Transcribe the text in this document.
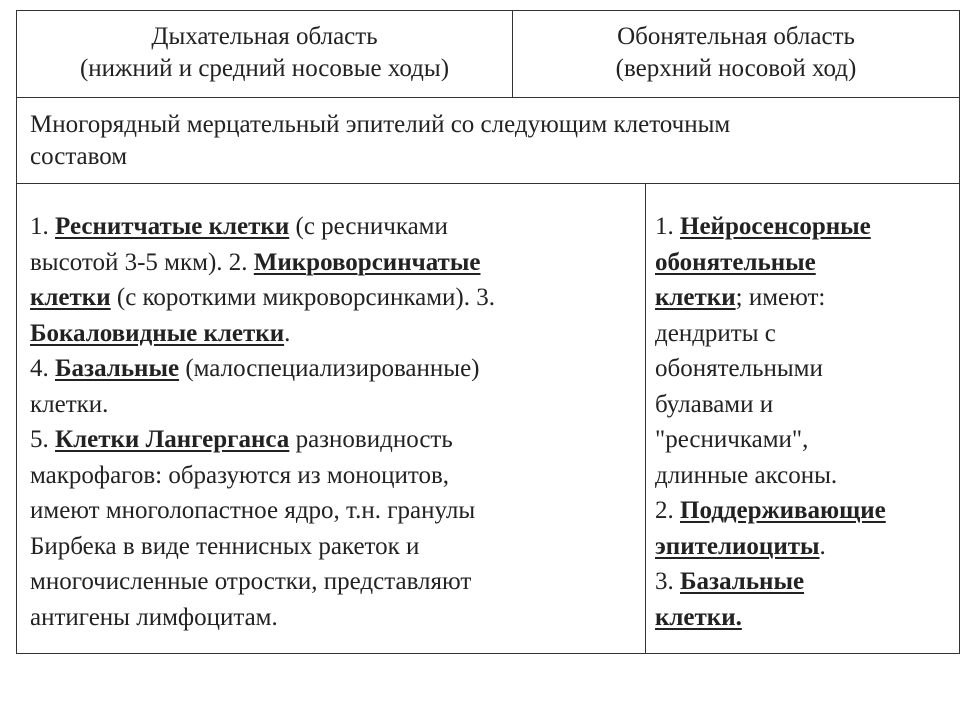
Дыхательная область
(нижний и средний носовые ходы)
Обонятельная область
(верхний носовой ход)
Многорядный мерцательный эпителий со следующим клеточным
составом
1. Реснитчатые клетки (с ресничками
высотой 3-5 мкм). 2. Микроворсинчатые
клетки (с короткими микроворсинками). 3.
Бокаловидные клетки.
4. Базальные (малоспециализированные)
клетки.
5. Клетки Лангерганса разновидность
макрофагов: образуются из моноцитов,
имеют многолопастное ядро, т.н. гранулы
Бирбека в виде теннисных ракеток и
многочисленные отростки, представляют
антигены лимфоцитам.
1. Нейросенсорные
обонятельные
клетки; имеют:
дендриты с
обонятельными
булавами и
"ресничками",
длинные аксоны.
2. Поддерживающие
эпителиоциты.
3. Базальные
клетки.
